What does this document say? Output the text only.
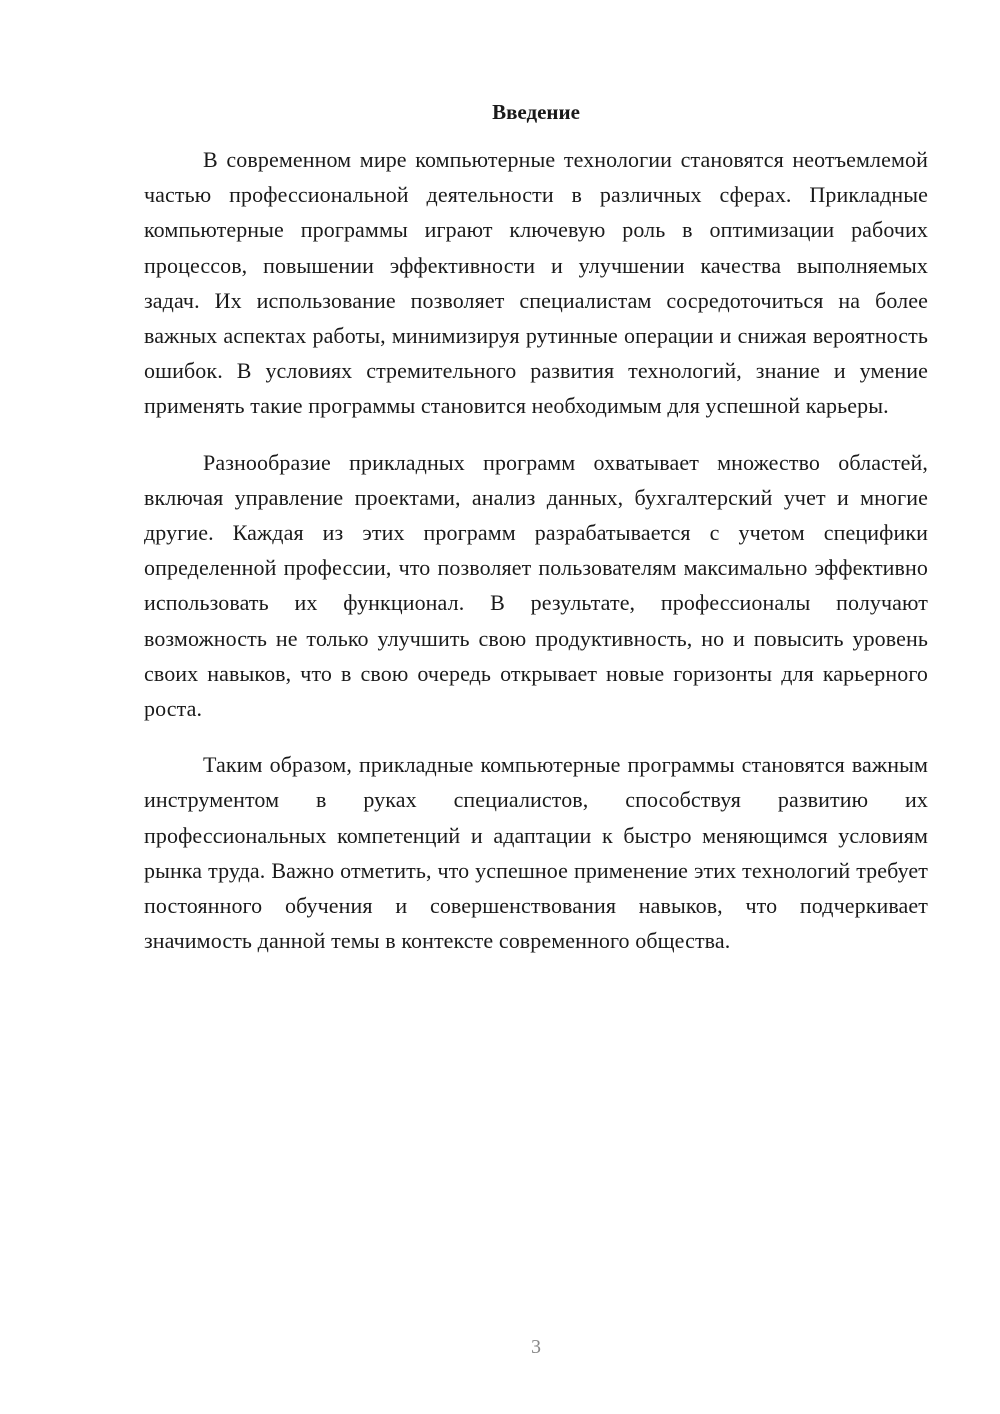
Введение

В современном мире компьютерные технологии становятся неотъемлемой частью профессиональной деятельности в различных сферах. Прикладные компьютерные программы играют ключевую роль в оптимизации рабочих процессов, повышении эффективности и улучшении качества выполняемых задач. Их использование позволяет специалистам сосредоточиться на более важных аспектах работы, минимизируя рутинные операции и снижая вероятность ошибок. В условиях стремительного развития технологий, знание и умение применять такие программы становится необходимым для успешной карьеры.

Разнообразие прикладных программ охватывает множество областей, включая управление проектами, анализ данных, бухгалтерский учет и многие другие. Каждая из этих программ разрабатывается с учетом специфики определенной профессии, что позволяет пользователям максимально эффективно использовать их функционал. В результате, профессионалы получают возможность не только улучшить свою продуктивность, но и повысить уровень своих навыков, что в свою очередь открывает новые горизонты для карьерного роста.

Таким образом, прикладные компьютерные программы становятся важным инструментом в руках специалистов, способствуя развитию их профессиональных компетенций и адаптации к быстро меняющимся условиям рынка труда. Важно отметить, что успешное применение этих технологий требует постоянного обучения и совершенствования навыков, что подчеркивает значимость данной темы в контексте современного общества.

3
